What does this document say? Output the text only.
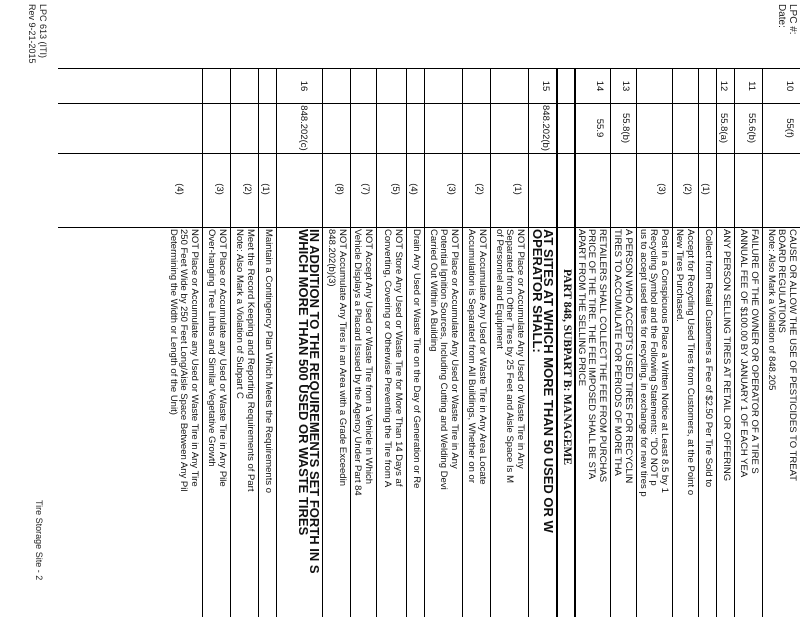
LPC #:
Date:
10
55(f)
CAUSE OR ALLOW THE USE OF PESTICIDES TO TREAT
BOARD REGULATIONS
Note: Also Mark a Violation of 848.205
11
55.6(b)
FAILURE OF THE OWNER OR OPERATOR OF A TIRE S
ANNUAL FEE OF $100.00 BY JANUARY 1 OF EACH YEA
12
55.8(a)
ANY PERSON SELLING TIRES AT RETAIL OR OFFERING
(1)
Collect from Retail Customers a Fee of $2.50 Per Tire Sold to
(2)
Accept for Recycling Used Tires from Customers, at the Point o
New Tires Purchased.
(3)
Post in a Conspicuous Place a Written Notice at Least 8.5 by 1
Recycling Symbol and the Following Statements: "DO NOT p
us to accept used tires for recycling, in exchange for new tires p
13
55.8(b)
A PERSON WHO ACCEPTS USED TIRES FOR RECYCLIN
TIRES TO ACCUMULATE FOR PERIODS OF MORE THA
14
55.9
RETAILERS SHALL COLLECT THE FEE FROM PURCHAS
PRICE OF THE TIRE. THE FEE IMPOSED SHALL BE STA
APART FROM THE SELLING PRICE
PART 848, SUBPART B: MANAGEME
15
848.202(b)
AT SITES AT WHICH MORE THAN 50 USED OR W
OPERATOR SHALL:
(1)
NOT Place or Accumulate Any Used or Waste Tire in Any
Separated from Other Tires by 25 Feet and Aisle Space Is M
of Personnel and Equipment
(2)
NOT Accumulate Any Used or Waste Tire in Any Area Locate
Accumulation is Separated from All Buildings, Whether on or
(3)
NOT Place or Accumulate Any Used or Waste Tire in Any
Potential Ignition Sources, Including Cutting and Welding Devi
Carried Out Within A Building
(4)
Drain Any Used or Waste Tire on the Day of Generation or Re
(5)
NOT Store Any Used or Waste Tire for More Than 14 Days af
Converting, Covering or Otherwise Preventing the Tire from A
(7)
NOT Accept Any Used or Waste Tire from a Vehicle in Which
Vehicle Displays a Placard Issued by the Agency Under Part 84
(8)
NOT Accumulate Any Tires in an Area with a Grade Exceedin
848.202(b)(3)
16
848.202(c)
IN ADDITION TO THE REQUIREMENTS SET FORTH IN S
WHICH MORE THAN 500 USED OR WASTE TIRES
(1)
Maintain a Contingency Plan Which Meets the Requirements o
(2)
Meet the Record Keeping and Reporting Requirements of Part
Note: Also Mark a Violation of Subpart C
(3)
NOT Place or Accumulate any Used or Waste Tire in Any Pile
Over-hanging Tree Limbs and Similar Vegetative Growth
(4)
NOT Place or Accumulate any Used or Waste Tire in Any Tire
250 Feet Wide by 250 Feet Long/Aisle Space Between Any Pil
Determining the Width or Length of the Unit)
LPC 613 (ITI)
Rev 9-21-2015
Tire Storage Site - 2
